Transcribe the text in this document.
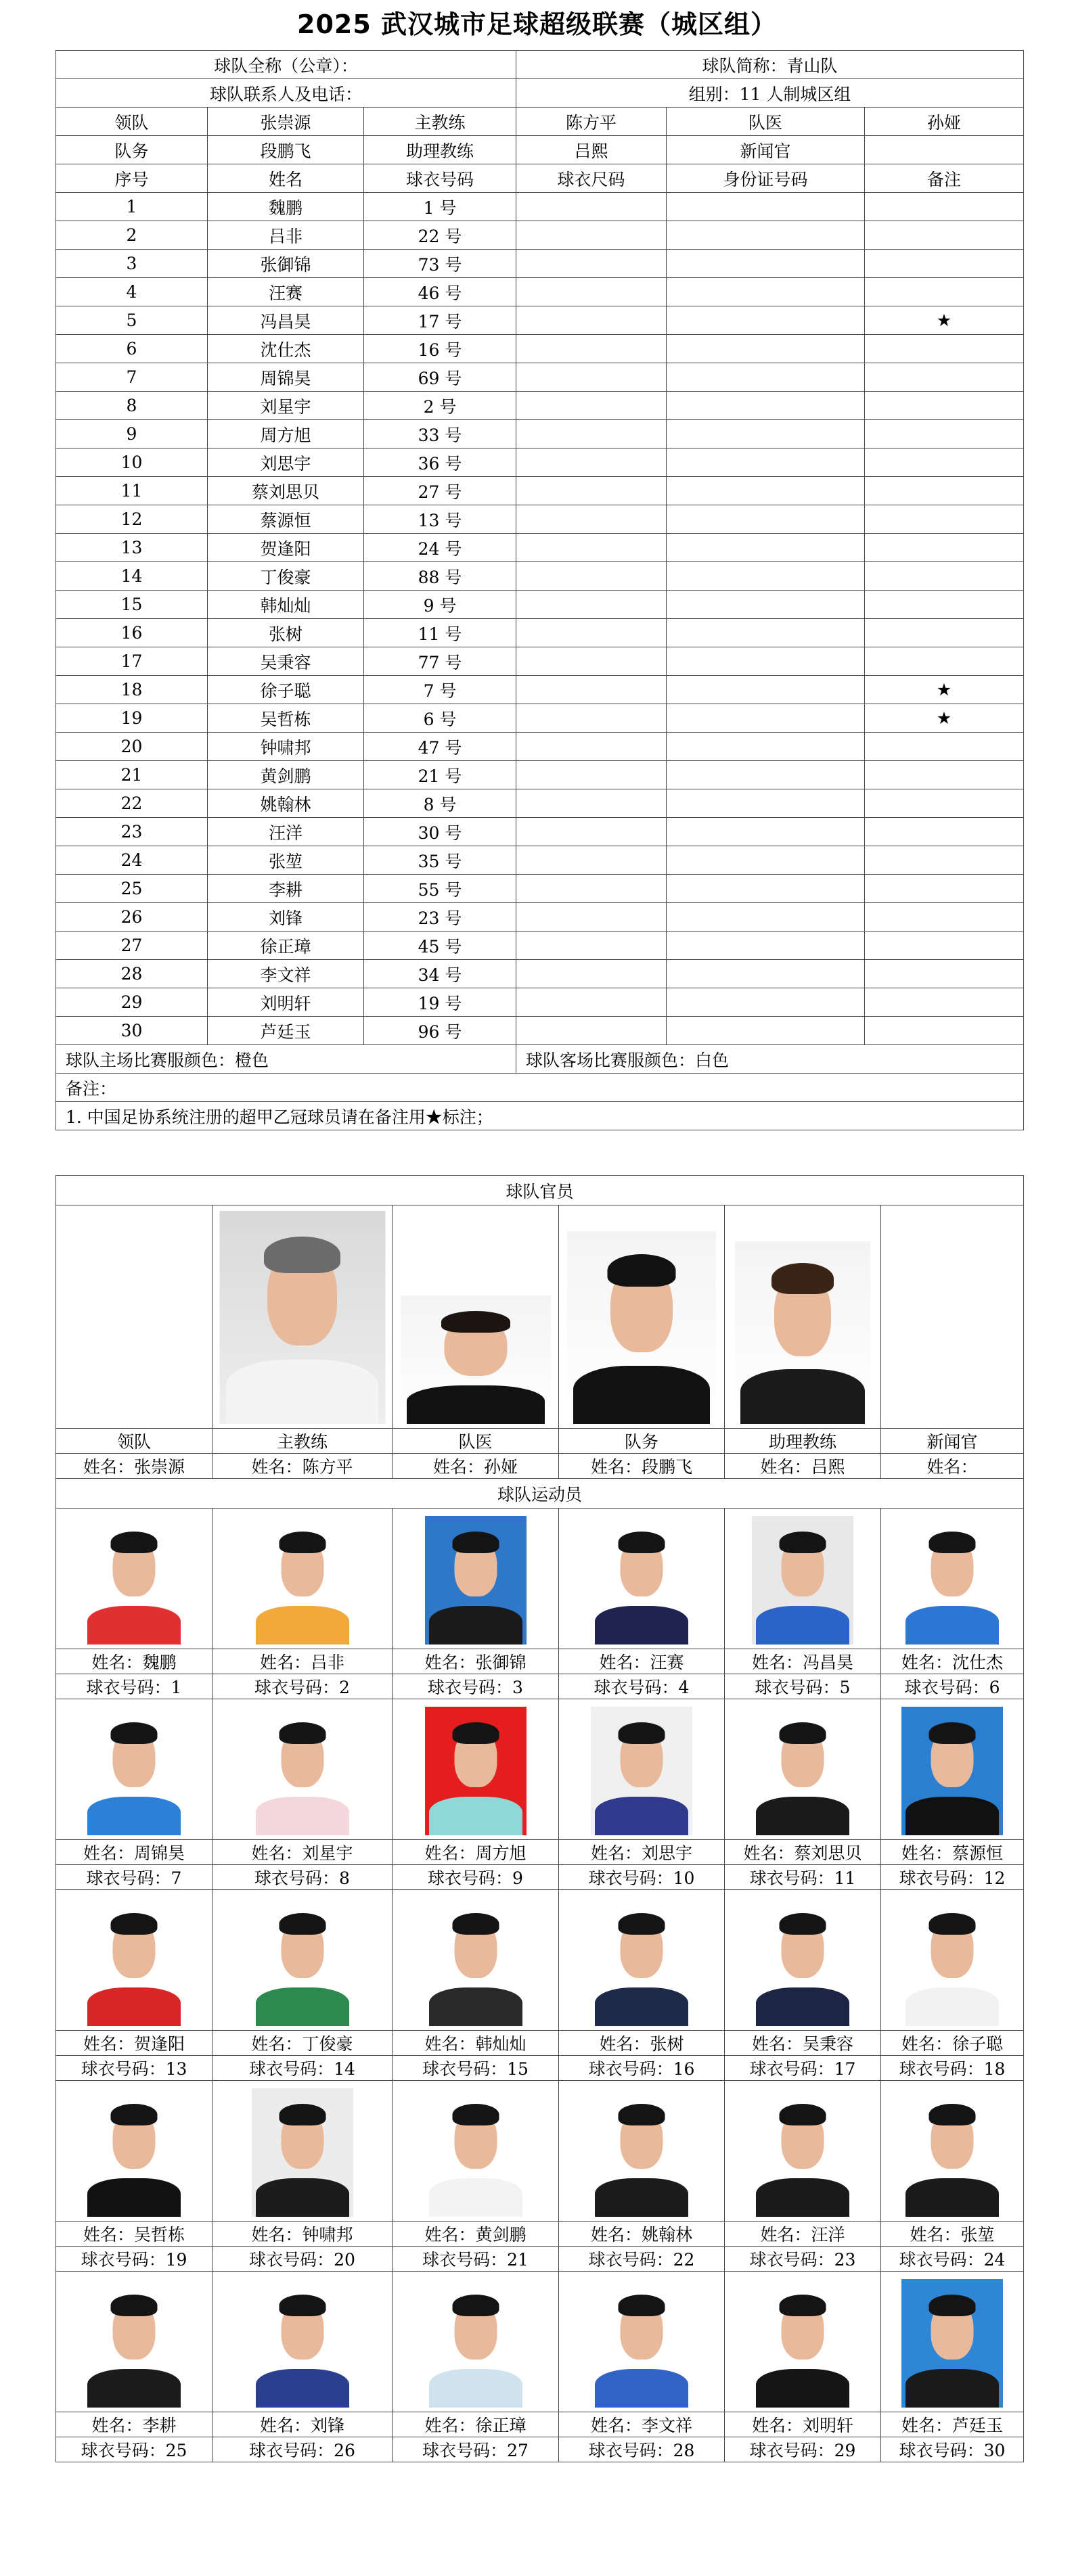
2025 武汉城市足球超级联赛（城区组）
球队全称（公章）：			球队简称：青山队		
球队联系人及电话：			组别：11 人制城区组		
领队	张崇源	主教练	陈方平	队医	孙娅
队务	段鹏飞	助理教练	吕熙	新闻官	
序号	姓名	球衣号码	球衣尺码	身份证号码	备注
1	魏鹏	1 号			
2	吕非	22 号			
3	张御锦	73 号			
4	汪赛	46 号			
5	冯昌昊	17 号			★
6	沈仕杰	16 号			
7	周锦昊	69 号			
8	刘星宇	2 号			
9	周方旭	33 号			
10	刘思宇	36 号			
11	蔡刘思贝	27 号			
12	蔡源恒	13 号			
13	贺逢阳	24 号			
14	丁俊豪	88 号			
15	韩灿灿	9 号			
16	张树	11 号			
17	吴秉容	77 号			
18	徐子聪	7 号			★
19	吴哲栋	6 号			★
20	钟啸邦	47 号			
21	黄剑鹏	21 号			
22	姚翰林	8 号			
23	汪洋	30 号			
24	张堃	35 号			
25	李耕	55 号			
26	刘锋	23 号			
27	徐正璋	45 号			
28	李文祥	34 号			
29	刘明轩	19 号			
30	芦廷玉	96 号			
球队主场比赛服颜色：橙色			球队客场比赛服颜色：白色		
备注：					
1. 中国足协系统注册的超甲乙冠球员请在备注用★标注；					
球队官员					

领队	主教练	队医	队务	助理教练	新闻官
姓名：张崇源	姓名：陈方平	姓名：孙娅	姓名：段鹏飞	姓名：吕熙	姓名：
球队运动员					

姓名：魏鹏	姓名：吕非	姓名：张御锦	姓名：汪赛	姓名：冯昌昊	姓名：沈仕杰
球衣号码：1	球衣号码：2	球衣号码：3	球衣号码：4	球衣号码：5	球衣号码：6

姓名：周锦昊	姓名：刘星宇	姓名：周方旭	姓名：刘思宇	姓名：蔡刘思贝	姓名：蔡源恒
球衣号码：7	球衣号码：8	球衣号码：9	球衣号码：10	球衣号码：11	球衣号码：12

姓名：贺逢阳	姓名：丁俊豪	姓名：韩灿灿	姓名：张树	姓名：吴秉容	姓名：徐子聪
球衣号码：13	球衣号码：14	球衣号码：15	球衣号码：16	球衣号码：17	球衣号码：18

姓名：吴哲栋	姓名：钟啸邦	姓名：黄剑鹏	姓名：姚翰林	姓名：汪洋	姓名：张堃
球衣号码：19	球衣号码：20	球衣号码：21	球衣号码：22	球衣号码：23	球衣号码：24

姓名：李耕	姓名：刘锋	姓名：徐正璋	姓名：李文祥	姓名：刘明轩	姓名：芦廷玉
球衣号码：25	球衣号码：26	球衣号码：27	球衣号码：28	球衣号码：29	球衣号码：30
